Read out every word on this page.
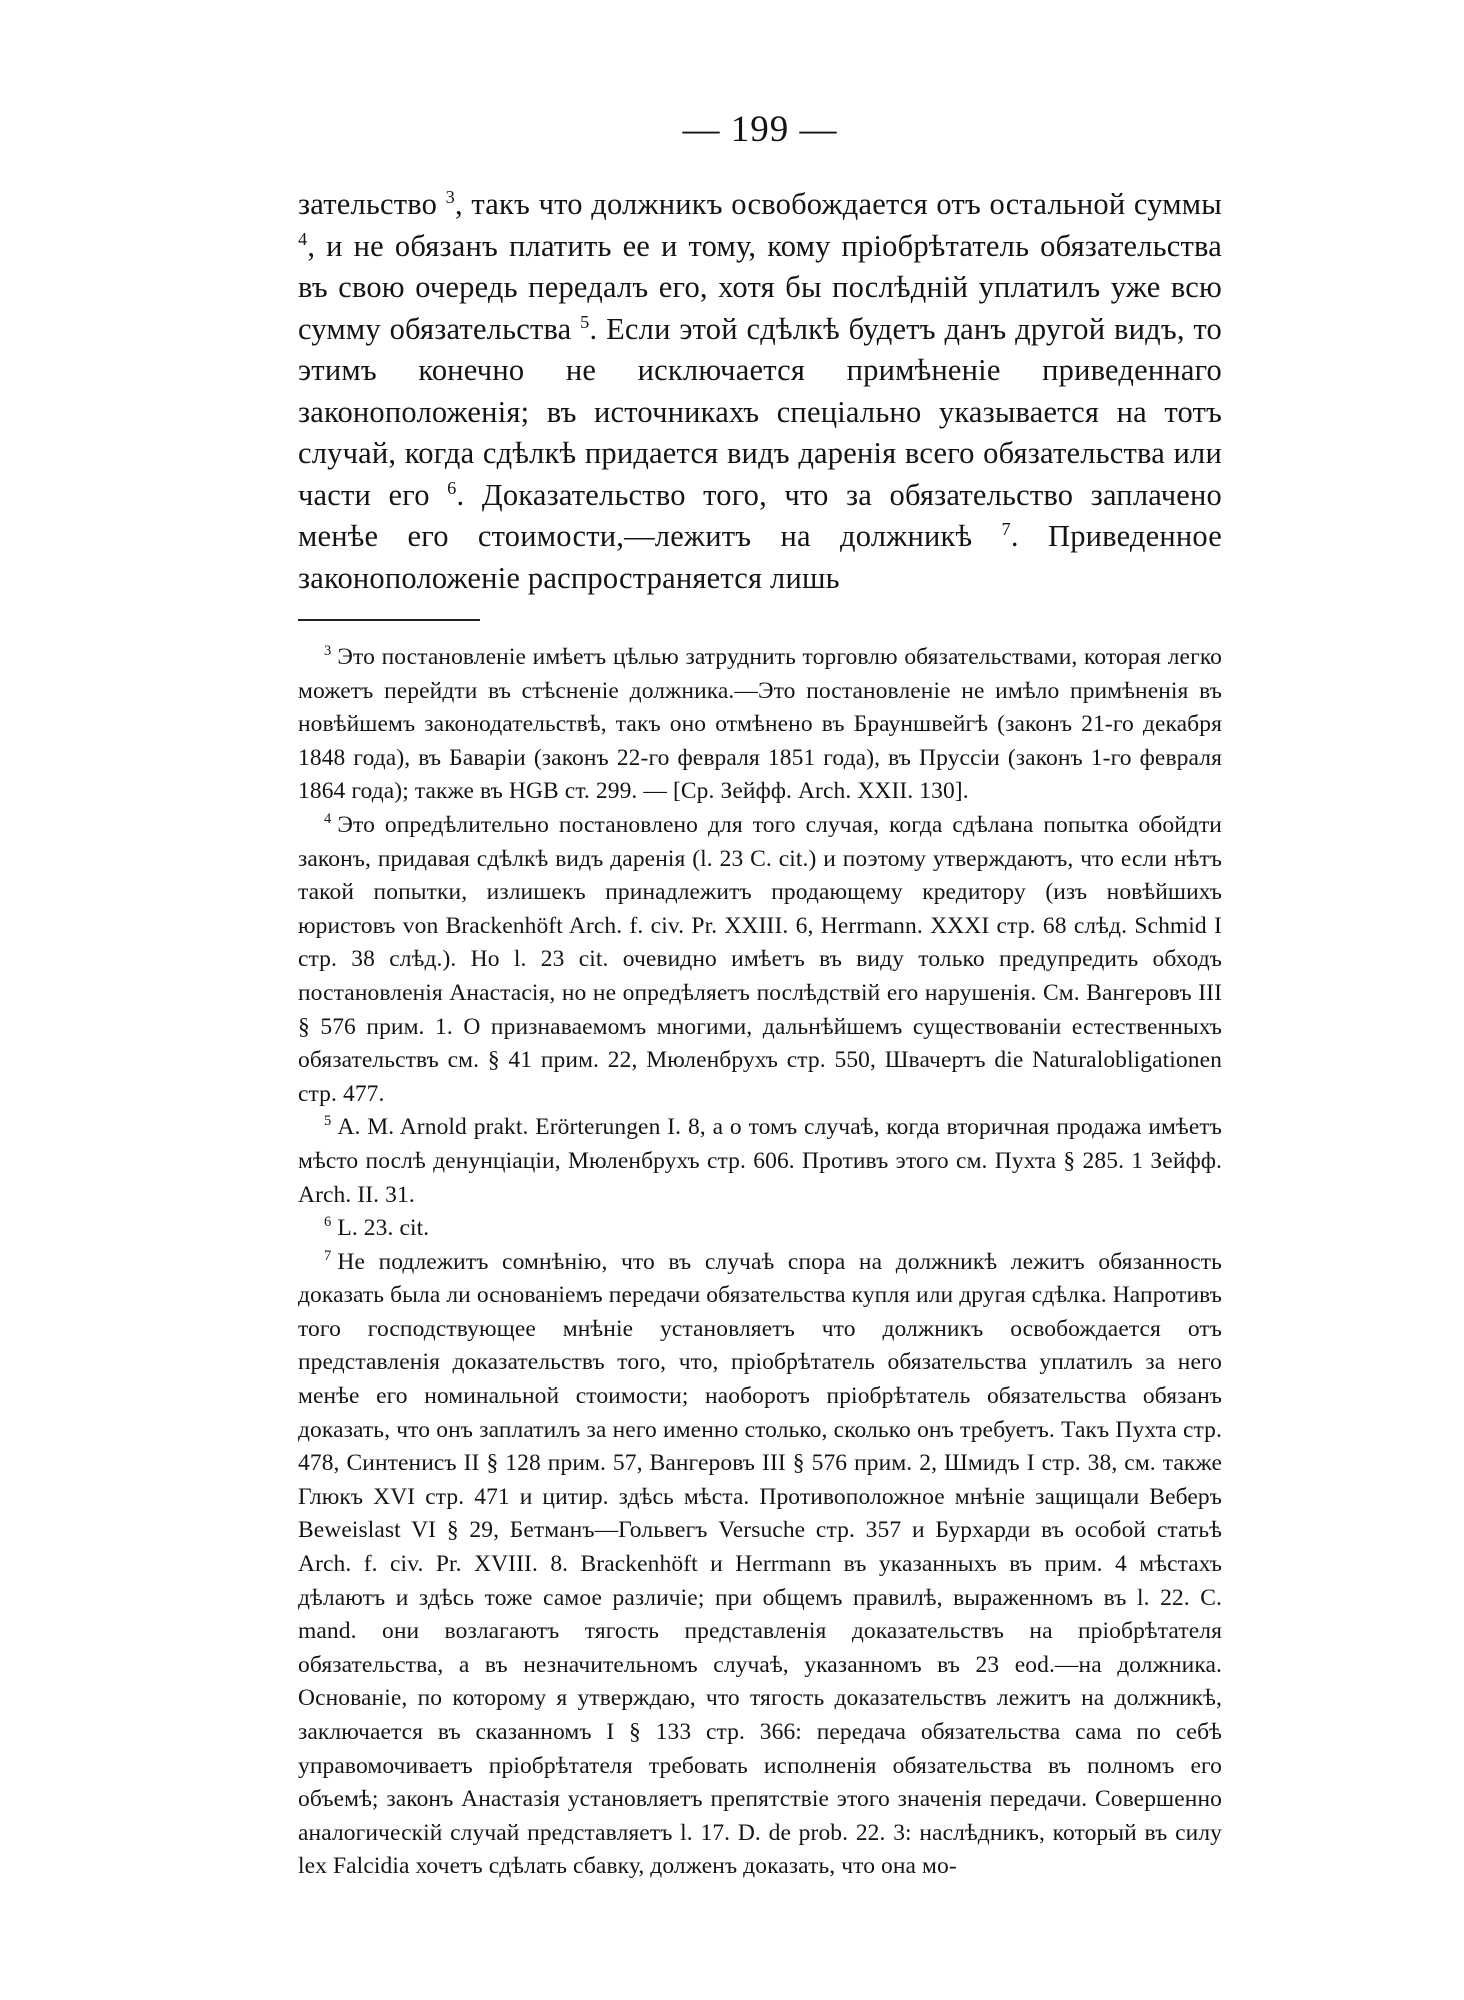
— 199 —

зательство $^3$, такъ что должникъ освобождается отъ остальной суммы $^4$, и не обязанъ платить ее и тому, кому пріобрѣтатель обязательства въ свою очередь передалъ его, хотя бы послѣдній уплатилъ уже всю сумму обязательства $^5$. Если этой сдѣлкѣ будетъ данъ другой видъ, то этимъ конечно не исключается примѣненіе приведеннаго законоположенія; въ источникахъ спеціально указывается на тотъ случай, когда сдѣлкѣ придается видъ даренія всего обязательства или части его $^6$. Доказательство того, что за обязательство заплачено менѣе его стоимости,—лежитъ на должникѣ $^7$. Приведенное законоположеніе распространяется лишь

$^3$ Это постановленіе имѣетъ цѣлью затруднить торговлю обязательствами, которая легко можетъ перейдти въ стѣсненіе должника.—Это постановленіе не имѣло примѣненія въ новѣйшемъ законодательствѣ, такъ оно отмѣнено въ Брауншвейгѣ (законъ 21-го декабря 1848 года), въ Баваріи (законъ 22-го февраля 1851 года), въ Пруссіи (законъ 1-го февраля 1864 года); также въ HGB ст. 299. — [Ср. Зейфф. Arch. XXII. 130].

$^4$ Это опредѣлительно постановлено для того случая, когда сдѣлана попытка обойдти законъ, придавая сдѣлкѣ видъ даренія (l. 23 C. cit.) и поэтому утверждаютъ, что если нѣтъ такой попытки, излишекъ принадлежитъ продающему кредитору (изъ новѣйшихъ юристовъ von Brackenhöft Arch. f. civ. Pr. XXIII. 6, Herrmann. XXXI стр. 68 слѣд. Schmid I стр. 38 слѣд.). Но l. 23 cit. очевидно имѣетъ въ виду только предупредить обходъ постановленія Анастасія, но не опредѣляетъ послѣдствій его нарушенія. См. Вангеровъ III § 576 прим. 1. О признаваемомъ многими, дальнѣйшемъ существованіи естественныхъ обязательствъ см. § 41 прим. 22, Мюленбрухъ стр. 550, Швачертъ die Naturalobligationen стр. 477.

$^5$ A. M. Arnold prakt. Erörterungen I. 8, а о томъ случаѣ, когда вторичная продажа имѣетъ мѣсто послѣ денунціаціи, Мюленбрухъ стр. 606. Противъ этого см. Пухта § 285. 1 Зейфф. Arch. II. 31.

$^6$ L. 23. cit.

$^7$ Не подлежитъ сомнѣнію, что въ случаѣ спора на должникѣ лежитъ обязанность доказать была ли основаніемъ передачи обязательства купля или другая сдѣлка. Напротивъ того господствующее мнѣніе установляетъ что должникъ освобождается отъ представленія доказательствъ того, что, пріобрѣтатель обязательства уплатилъ за него менѣе его номинальной стоимости; наоборотъ пріобрѣтатель обязательства обязанъ доказать, что онъ заплатилъ за него именно столько, сколько онъ требуетъ. Такъ Пухта стр. 478, Синтенисъ II § 128 прим. 57, Вангеровъ III § 576 прим. 2, Шмидъ I стр. 38, см. также Глюкъ XVI стр. 471 и цитир. здѣсь мѣста. Противоположное мнѣніе защищали Веберъ Beweislast VI § 29, Бетманъ—Гольвегъ Versuche стр. 357 и Бурхарди въ особой статьѣ Arch. f. civ. Pr. XVIII. 8. Brackenhöft и Herrmann въ указанныхъ въ прим. 4 мѣстахъ дѣлаютъ и здѣсь тоже самое различіе; при общемъ правилѣ, выраженномъ въ l. 22. C. mand. они возлагаютъ тягость представленія доказательствъ на пріобрѣтателя обязательства, а въ незначительномъ случаѣ, указанномъ въ 23 eod.—на должника. Основаніе, по которому я утверждаю, что тягость доказательствъ лежитъ на должникѣ, заключается въ сказанномъ I § 133 стр. 366: передача обязательства сама по себѣ управомочиваетъ пріобрѣтателя требовать исполненія обязательства въ полномъ его объемѣ; законъ Анастазія установляетъ препятствіе этого значенія передачи. Совершенно аналогическій случай представляетъ l. 17. D. de prob. 22. 3: наслѣдникъ, который въ силу lex Falcidia хочетъ сдѣлать сбавку, долженъ доказать, что она мо-
